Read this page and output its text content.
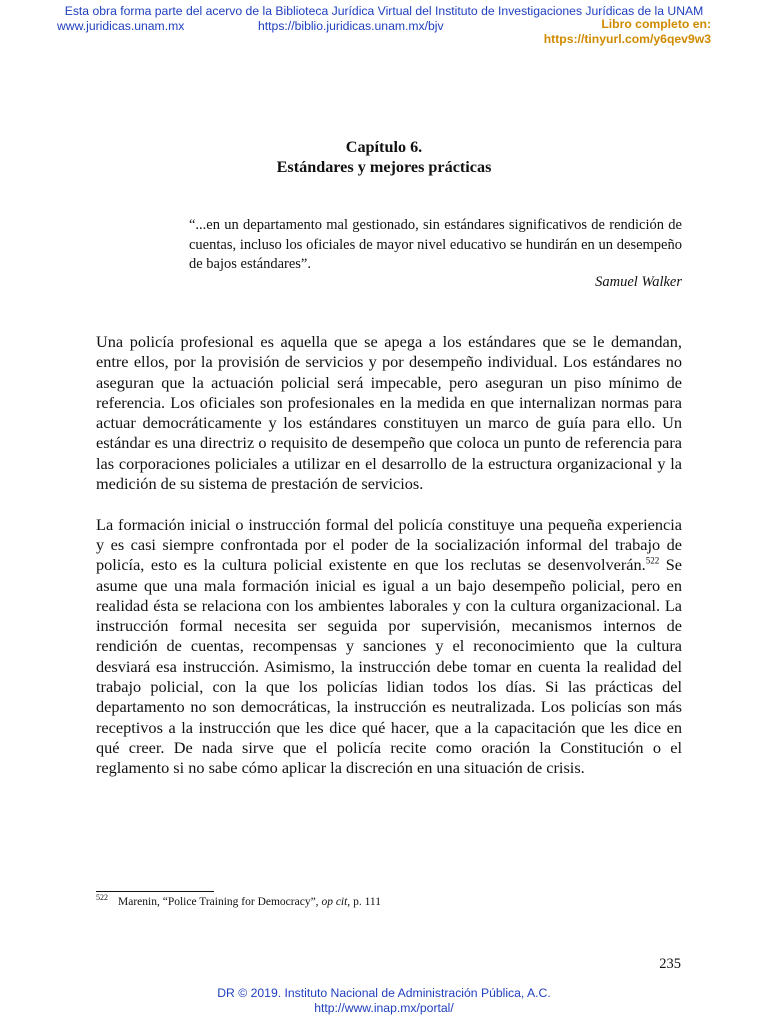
Esta obra forma parte del acervo de la Biblioteca Jurídica Virtual del Instituto de Investigaciones Jurídicas de la UNAM
www.juridicas.unam.mx	https://biblio.juridicas.unam.mx/bjv	Libro completo en:
https://tinyurl.com/y6qev9w3
Capítulo 6.
Estándares y mejores prácticas
“...en un departamento mal gestionado, sin estándares significativos de rendición de cuentas, incluso los oficiales de mayor nivel educativo se hundirán en un desempeño de bajos estándares”.
Samuel Walker

Una policía profesional es aquella que se apega a los estándares que se le demandan, entre ellos, por la provisión de servicios y por desempeño individual. Los estándares no aseguran que la actuación policial será impecable, pero aseguran un piso mínimo de referencia. Los oficiales son profesionales en la medida en que internalizan normas para actuar democráticamente y los estándares constituyen un marco de guía para ello. Un estándar es una directriz o requisito de desempeño que coloca un punto de referencia para las corporaciones policiales a utilizar en el desarrollo de la estructura organizacional y la medición de su sistema de prestación de servicios.

La formación inicial o instrucción formal del policía constituye una pequeña experiencia y es casi siempre confrontada por el poder de la socialización informal del trabajo de policía, esto es la cultura policial existente en que los reclutas se desenvolverán.$^{522}$ Se asume que una mala formación inicial es igual a un bajo desempeño policial, pero en realidad ésta se relaciona con los ambientes laborales y con la cultura organizacional. La instrucción formal necesita ser seguida por supervisión, mecanismos internos de rendición de cuentas, recompensas y sanciones y el reconocimiento que la cultura desviará esa instrucción. Asimismo, la instrucción debe tomar en cuenta la realidad del trabajo policial, con la que los policías lidian todos los días. Si las prácticas del departamento no son democráticas, la instrucción es neutralizada. Los policías son más receptivos a la instrucción que les dice qué hacer, que a la capacitación que les dice en qué creer. De nada sirve que el policía recite como oración la Constitución o el reglamento si no sabe cómo aplicar la discreción en una situación de crisis.

$^{522}$ Marenin, “Police Training for Democracy”, op cit, p. 111
235
DR © 2019. Instituto Nacional de Administración Pública, A.C.
http://www.inap.mx/portal/
